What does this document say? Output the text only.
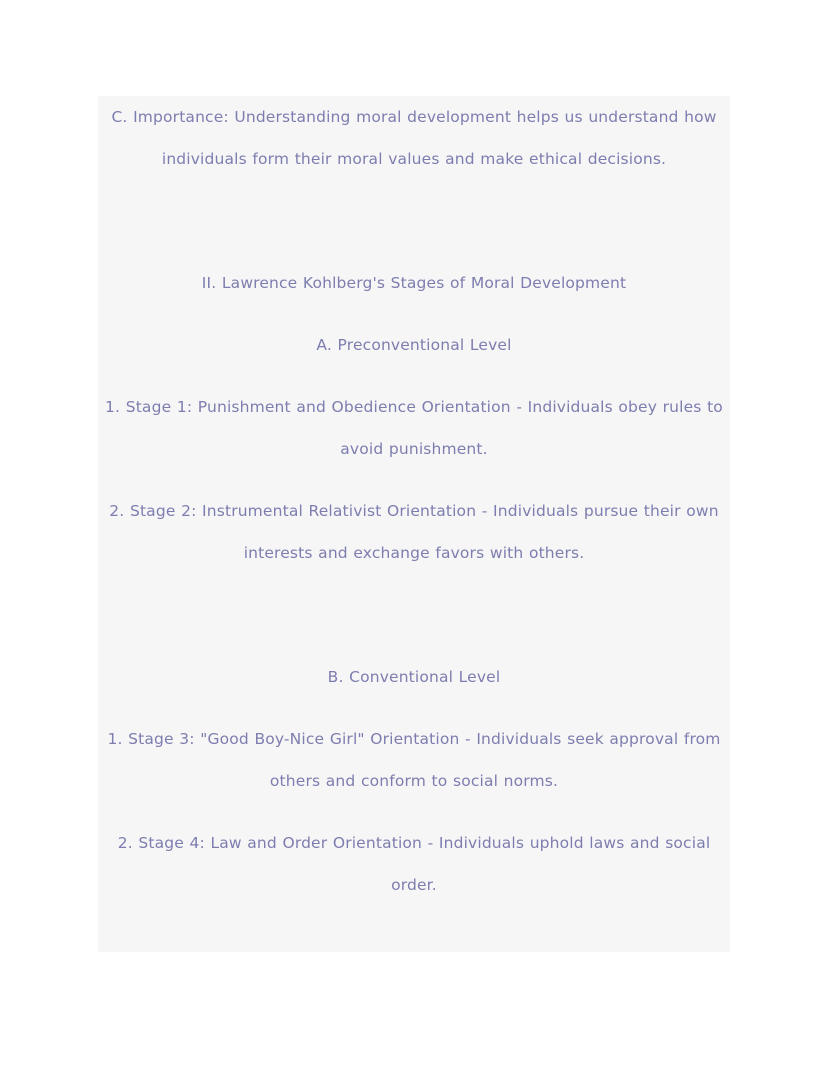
C. Importance: Understanding moral development helps us understand how individuals form their moral values and make ethical decisions.

II. Lawrence Kohlberg's Stages of Moral Development

A. Preconventional Level

1. Stage 1: Punishment and Obedience Orientation - Individuals obey rules to avoid punishment.

2. Stage 2: Instrumental Relativist Orientation - Individuals pursue their own interests and exchange favors with others.

B. Conventional Level

1. Stage 3: "Good Boy-Nice Girl" Orientation - Individuals seek approval from others and conform to social norms.

2. Stage 4: Law and Order Orientation - Individuals uphold laws and social order.
